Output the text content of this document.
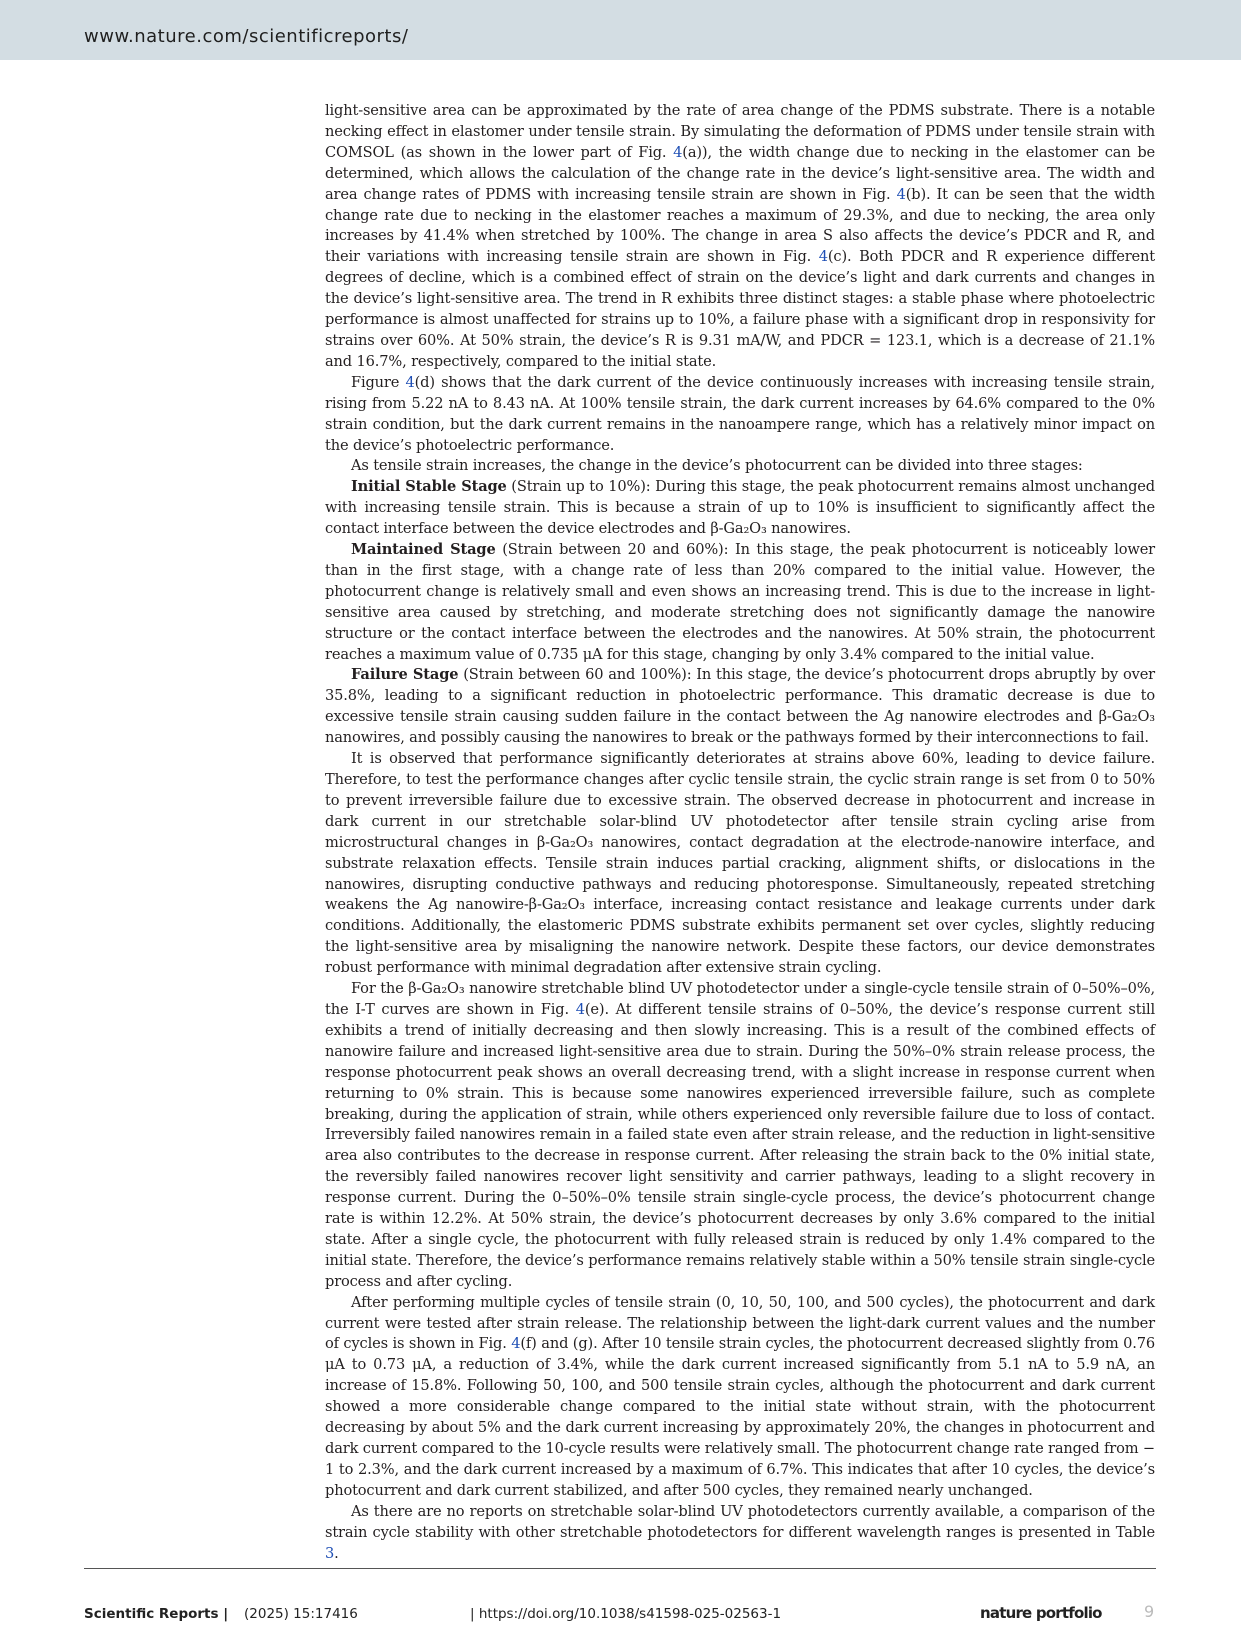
www.nature.com/scientificreports/

light-sensitive area can be approximated by the rate of area change of the PDMS substrate. There is a notable necking effect in elastomer under tensile strain. By simulating the deformation of PDMS under tensile strain with COMSOL (as shown in the lower part of Fig. 4(a)), the width change due to necking in the elastomer can be determined, which allows the calculation of the change rate in the device’s light-sensitive area. The width and area change rates of PDMS with increasing tensile strain are shown in Fig. 4(b). It can be seen that the width change rate due to necking in the elastomer reaches a maximum of 29.3%, and due to necking, the area only increases by 41.4% when stretched by 100%. The change in area S also affects the device’s PDCR and R, and their variations with increasing tensile strain are shown in Fig. 4(c). Both PDCR and R experience different degrees of decline, which is a combined effect of strain on the device’s light and dark currents and changes in the device’s light-sensitive area. The trend in R exhibits three distinct stages: a stable phase where photoelectric performance is almost unaffected for strains up to 10%, a failure phase with a significant drop in responsivity for strains over 60%. At 50% strain, the device’s R is 9.31 mA/W, and PDCR = 123.1, which is a decrease of 21.1% and 16.7%, respectively, compared to the initial state.

Figure 4(d) shows that the dark current of the device continuously increases with increasing tensile strain, rising from 5.22 nA to 8.43 nA. At 100% tensile strain, the dark current increases by 64.6% compared to the 0% strain condition, but the dark current remains in the nanoampere range, which has a relatively minor impact on the device’s photoelectric performance.

As tensile strain increases, the change in the device’s photocurrent can be divided into three stages:

Initial Stable Stage (Strain up to 10%): During this stage, the peak photocurrent remains almost unchanged with increasing tensile strain. This is because a strain of up to 10% is insufficient to significantly affect the contact interface between the device electrodes and β-Ga₂O₃ nanowires.

Maintained Stage (Strain between 20 and 60%): In this stage, the peak photocurrent is noticeably lower than in the first stage, with a change rate of less than 20% compared to the initial value. However, the photocurrent change is relatively small and even shows an increasing trend. This is due to the increase in light-sensitive area caused by stretching, and moderate stretching does not significantly damage the nanowire structure or the contact interface between the electrodes and the nanowires. At 50% strain, the photocurrent reaches a maximum value of 0.735 μA for this stage, changing by only 3.4% compared to the initial value.

Failure Stage (Strain between 60 and 100%): In this stage, the device’s photocurrent drops abruptly by over 35.8%, leading to a significant reduction in photoelectric performance. This dramatic decrease is due to excessive tensile strain causing sudden failure in the contact between the Ag nanowire electrodes and β-Ga₂O₃ nanowires, and possibly causing the nanowires to break or the pathways formed by their interconnections to fail.

It is observed that performance significantly deteriorates at strains above 60%, leading to device failure. Therefore, to test the performance changes after cyclic tensile strain, the cyclic strain range is set from 0 to 50% to prevent irreversible failure due to excessive strain. The observed decrease in photocurrent and increase in dark current in our stretchable solar-blind UV photodetector after tensile strain cycling arise from microstructural changes in β-Ga₂O₃ nanowires, contact degradation at the electrode-nanowire interface, and substrate relaxation effects. Tensile strain induces partial cracking, alignment shifts, or dislocations in the nanowires, disrupting conductive pathways and reducing photoresponse. Simultaneously, repeated stretching weakens the Ag nanowire-β-Ga₂O₃ interface, increasing contact resistance and leakage currents under dark conditions. Additionally, the elastomeric PDMS substrate exhibits permanent set over cycles, slightly reducing the light-sensitive area by misaligning the nanowire network. Despite these factors, our device demonstrates robust performance with minimal degradation after extensive strain cycling.

For the β-Ga₂O₃ nanowire stretchable blind UV photodetector under a single-cycle tensile strain of 0–50%–0%, the I-T curves are shown in Fig. 4(e). At different tensile strains of 0–50%, the device’s response current still exhibits a trend of initially decreasing and then slowly increasing. This is a result of the combined effects of nanowire failure and increased light-sensitive area due to strain. During the 50%–0% strain release process, the response photocurrent peak shows an overall decreasing trend, with a slight increase in response current when returning to 0% strain. This is because some nanowires experienced irreversible failure, such as complete breaking, during the application of strain, while others experienced only reversible failure due to loss of contact. Irreversibly failed nanowires remain in a failed state even after strain release, and the reduction in light-sensitive area also contributes to the decrease in response current. After releasing the strain back to the 0% initial state, the reversibly failed nanowires recover light sensitivity and carrier pathways, leading to a slight recovery in response current. During the 0–50%–0% tensile strain single-cycle process, the device’s photocurrent change rate is within 12.2%. At 50% strain, the device’s photocurrent decreases by only 3.6% compared to the initial state. After a single cycle, the photocurrent with fully released strain is reduced by only 1.4% compared to the initial state. Therefore, the device’s performance remains relatively stable within a 50% tensile strain single-cycle process and after cycling.

After performing multiple cycles of tensile strain (0, 10, 50, 100, and 500 cycles), the photocurrent and dark current were tested after strain release. The relationship between the light-dark current values and the number of cycles is shown in Fig. 4(f) and (g). After 10 tensile strain cycles, the photocurrent decreased slightly from 0.76 μA to 0.73 μA, a reduction of 3.4%, while the dark current increased significantly from 5.1 nA to 5.9 nA, an increase of 15.8%. Following 50, 100, and 500 tensile strain cycles, although the photocurrent and dark current showed a more considerable change compared to the initial state without strain, with the photocurrent decreasing by about 5% and the dark current increasing by approximately 20%, the changes in photocurrent and dark current compared to the 10-cycle results were relatively small. The photocurrent change rate ranged from − 1 to 2.3%, and the dark current increased by a maximum of 6.7%. This indicates that after 10 cycles, the device’s photocurrent and dark current stabilized, and after 500 cycles, they remained nearly unchanged.

As there are no reports on stretchable solar-blind UV photodetectors currently available, a comparison of the strain cycle stability with other stretchable photodetectors for different wavelength ranges is presented in Table 3.

Scientific Reports | (2025) 15:17416	| https://doi.org/10.1038/s41598-025-02563-1	nature portfolio	9
